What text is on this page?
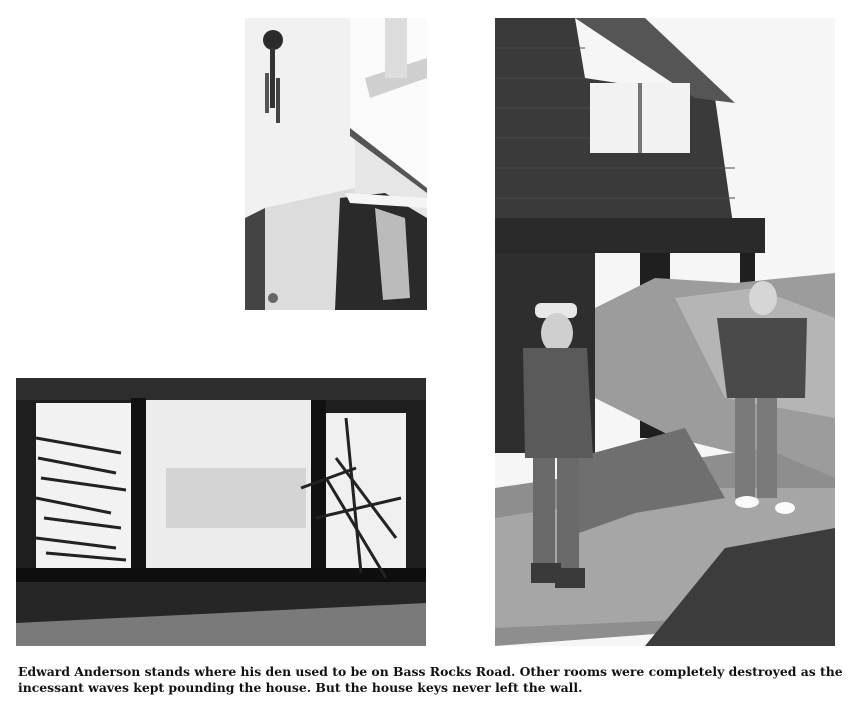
Edward Anderson stands where his den used to be on Bass Rocks Road. Other rooms were completely destroyed as the incessant waves kept pounding the house. But the house keys never left the wall.
